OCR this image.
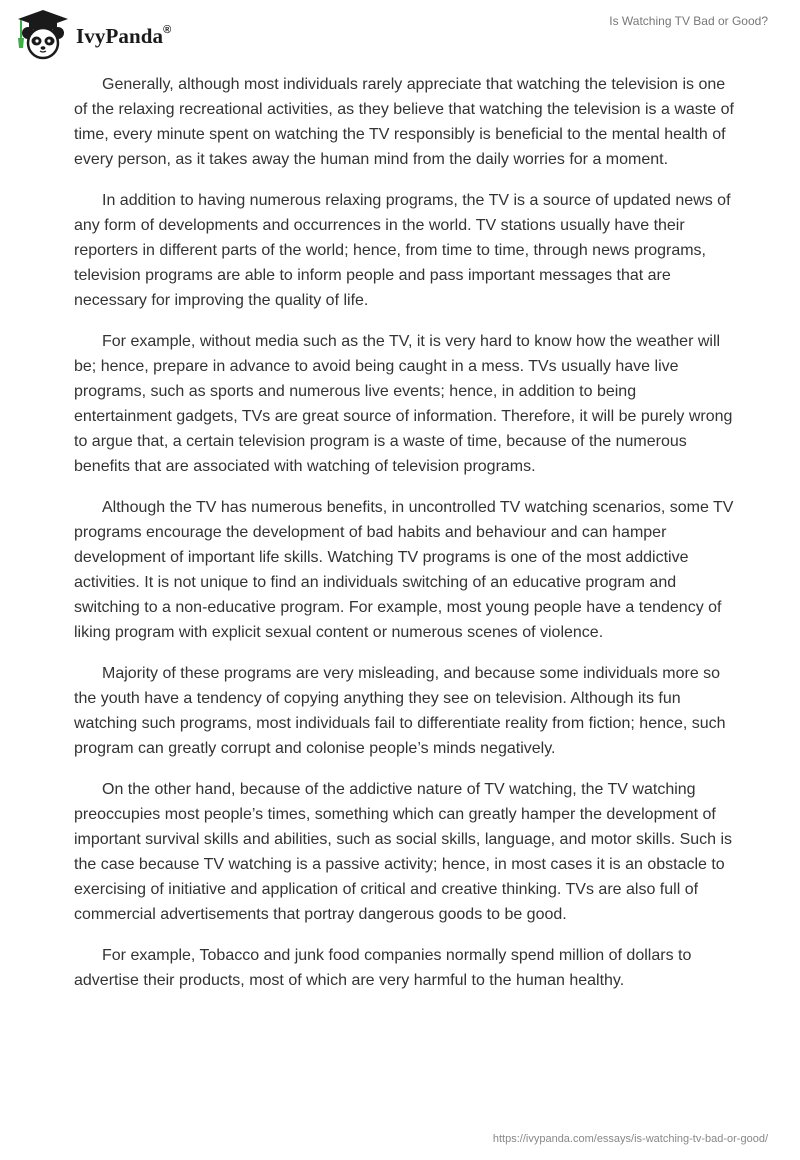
IvyPanda®
Is Watching TV Bad or Good?

Generally, although most individuals rarely appreciate that watching the television is one of the relaxing recreational activities, as they believe that watching the television is a waste of time, every minute spent on watching the TV responsibly is beneficial to the mental health of every person, as it takes away the human mind from the daily worries for a moment.

In addition to having numerous relaxing programs, the TV is a source of updated news of any form of developments and occurrences in the world. TV stations usually have their reporters in different parts of the world; hence, from time to time, through news programs, television programs are able to inform people and pass important messages that are necessary for improving the quality of life.

For example, without media such as the TV, it is very hard to know how the weather will be; hence, prepare in advance to avoid being caught in a mess. TVs usually have live programs, such as sports and numerous live events; hence, in addition to being entertainment gadgets, TVs are great source of information. Therefore, it will be purely wrong to argue that, a certain television program is a waste of time, because of the numerous benefits that are associated with watching of television programs.

Although the TV has numerous benefits, in uncontrolled TV watching scenarios, some TV programs encourage the development of bad habits and behaviour and can hamper development of important life skills. Watching TV programs is one of the most addictive activities. It is not unique to find an individuals switching of an educative program and switching to a non-educative program. For example, most young people have a tendency of liking program with explicit sexual content or numerous scenes of violence.

Majority of these programs are very misleading, and because some individuals more so the youth have a tendency of copying anything they see on television. Although its fun watching such programs, most individuals fail to differentiate reality from fiction; hence, such program can greatly corrupt and colonise people’s minds negatively.

On the other hand, because of the addictive nature of TV watching, the TV watching preoccupies most people’s times, something which can greatly hamper the development of important survival skills and abilities, such as social skills, language, and motor skills. Such is the case because TV watching is a passive activity; hence, in most cases it is an obstacle to exercising of initiative and application of critical and creative thinking. TVs are also full of commercial advertisements that portray dangerous goods to be good.

For example, Tobacco and junk food companies normally spend million of dollars to advertise their products, most of which are very harmful to the human healthy.

https://ivypanda.com/essays/is-watching-tv-bad-or-good/
